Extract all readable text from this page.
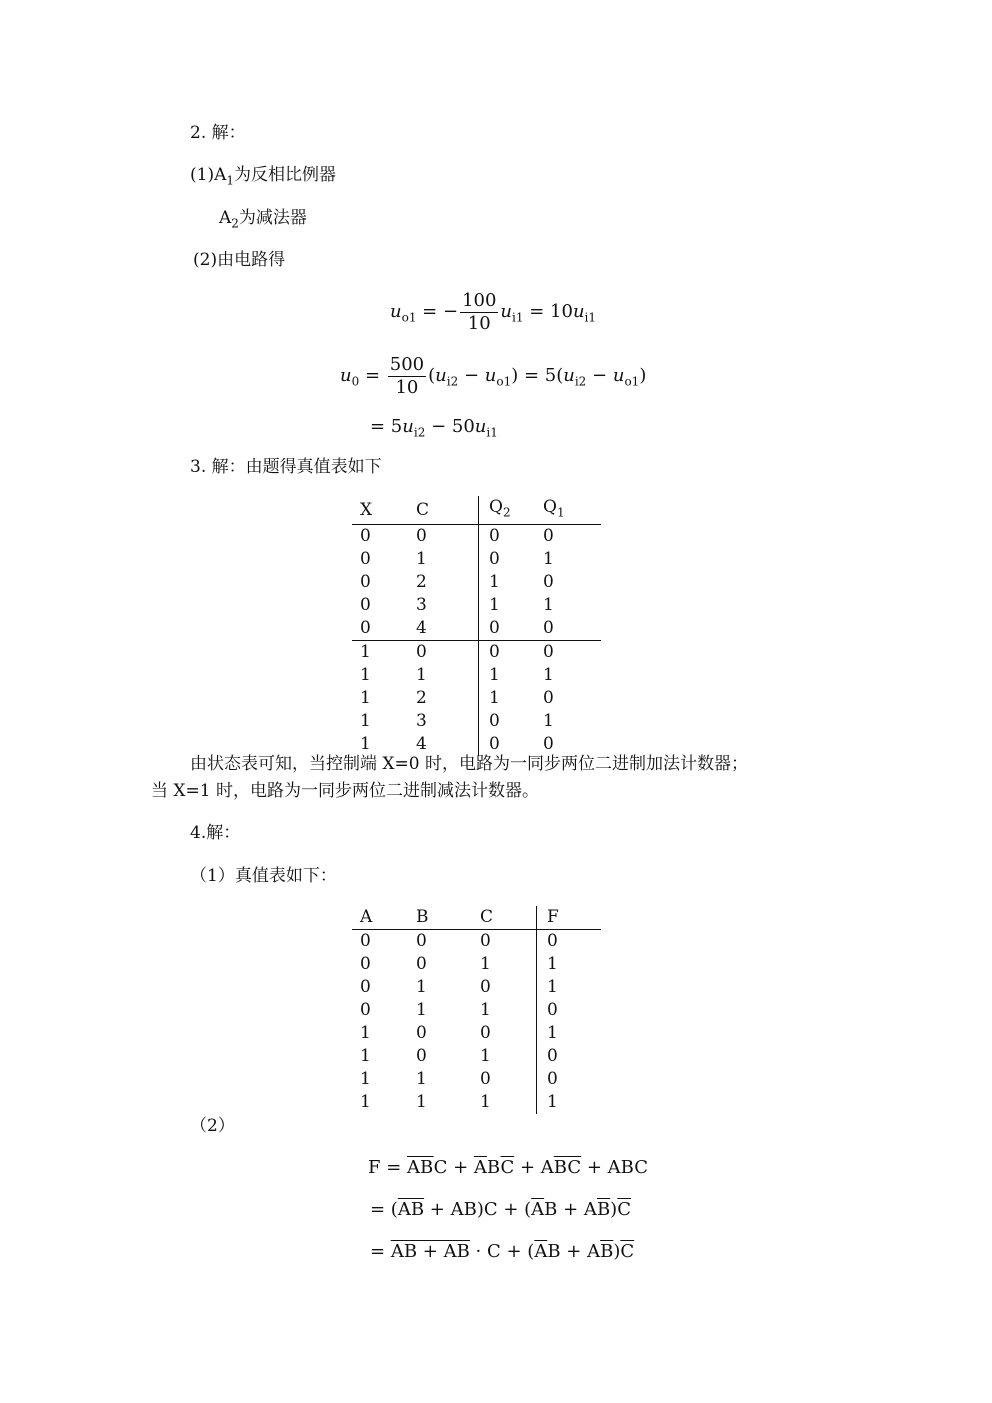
2. 解：
$(1)A_1$为反相比例器
$A_2$为减法器
(2)由电路得
$u_{o1}$ = − $\frac{100}{10} u_{i1} = 10u_{i1}$
$u_0 = \frac{500}{10} (u_{i2} - u_{o1}) = 5(u_{i2} - u_{o1})$
= $5u_{i2} - 50u_{i1}$
3. 解：由题得真值表如下
X	C	$Q_2$	$Q_1$
0	0	0	0
0	1	0	1
0	2	1	0
0	3	1	1
0	4	0	0
1	0	0	0
1	1	1	1
1	2	1	0
1	3	0	1
1	4	0	0
由状态表可知，当控制端 X=0 时，电路为一同步两位二进制加法计数器；
当 X=1 时，电路为一同步两位二进制减法计数器。
4.解：
（1）真值表如下：
A	B	C	F
0	0	0	0
0	0	1	1
0	1	0	1
0	1	1	0
1	0	0	1
1	0	1	0
1	1	0	0
1	1	1	1
（2）
$F = \overline{A}\overline{B}C + \overline{A}B\overline{C} + A\overline{B}\overline{C}$ + ABC
= $(\overline{A}\overline{B} + AB)C + (\overline{A}B + A\overline{B})\overline{C}$
= AB + AB · $C + (\overline{A}B + A\overline{B})\overline{C}$
